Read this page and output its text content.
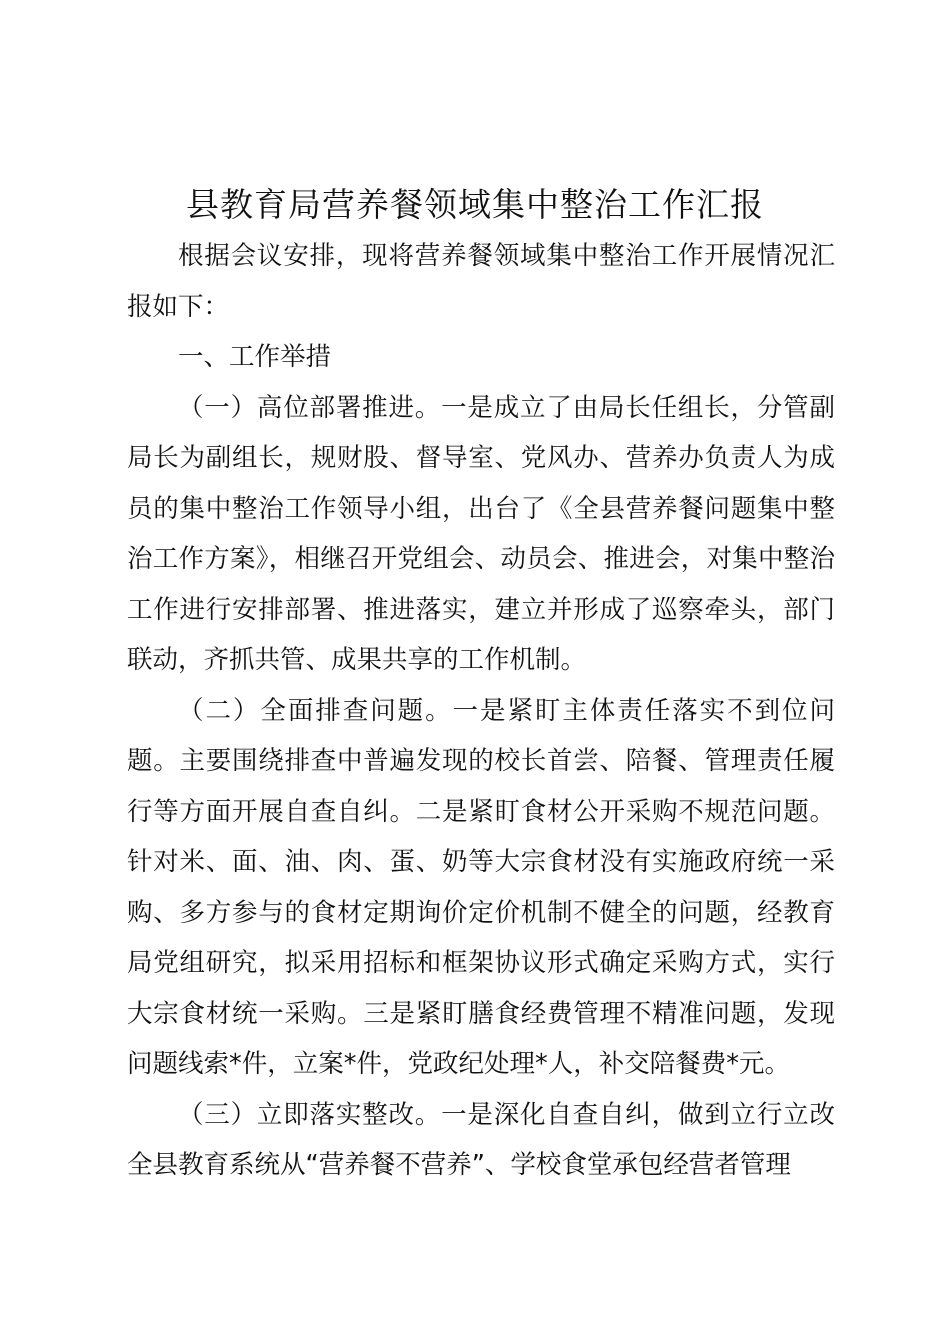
县教育局营养餐领域集中整治工作汇报

根据会议安排，现将营养餐领域集中整治工作开展情况汇报如下：

一、工作举措

（一）高位部署推进。一是成立了由局长任组长，分管副局长为副组长，规财股、督导室、党风办、营养办负责人为成员的集中整治工作领导小组，出台了《全县营养餐问题集中整治工作方案》，相继召开党组会、动员会、推进会，对集中整治工作进行安排部署、推进落实，建立并形成了巡察牵头，部门联动，齐抓共管、成果共享的工作机制。

（二）全面排查问题。一是紧盯主体责任落实不到位问题。主要围绕排查中普遍发现的校长首尝、陪餐、管理责任履行等方面开展自查自纠。二是紧盯食材公开采购不规范问题。针对米、面、油、肉、蛋、奶等大宗食材没有实施政府统一采购、多方参与的食材定期询价定价机制不健全的问题，经教育局党组研究，拟采用招标和框架协议形式确定采购方式，实行大宗食材统一采购。三是紧盯膳食经费管理不精准问题，发现问题线索*件，立案*件，党政纪处理*人，补交陪餐费*元。

（三）立即落实整改。一是深化自查自纠，做到立行立改全县教育系统从“营养餐不营养”、学校食堂承包经营者管理
